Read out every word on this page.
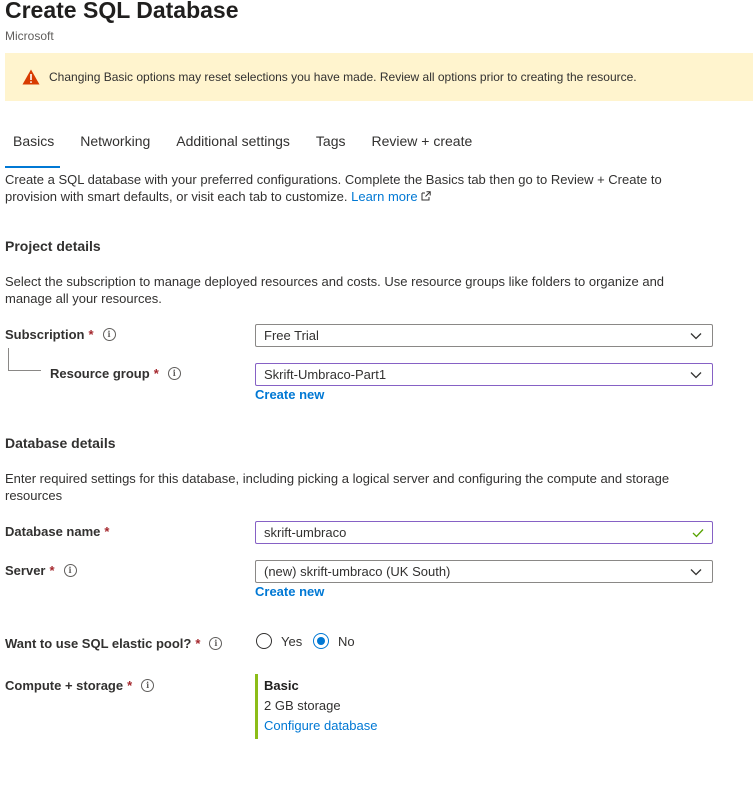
Create SQL Database
Microsoft
Changing Basic options may reset selections you have made. Review all options prior to creating the resource.
Basics Networking Additional settings Tags Review + create
Create a SQL database with your preferred configurations. Complete the Basics tab then go to Review + Create to provision with smart defaults, or visit each tab to customize. Learn more
Project details
Select the subscription to manage deployed resources and costs. Use resource groups like folders to organize and manage all your resources.
Subscription *	i	Free Trial
Resource group *	i	Skrift-Umbraco-Part1
Create new
Database details
Enter required settings for this database, including picking a logical server and configuring the compute and storage resources
Database name *	skrift-umbraco
Server *	i	(new) skrift-umbraco (UK South)
Create new
Want to use SQL elastic pool? *	i	Yes	No
Compute + storage *	i	Basic
2 GB storage
Configure database
